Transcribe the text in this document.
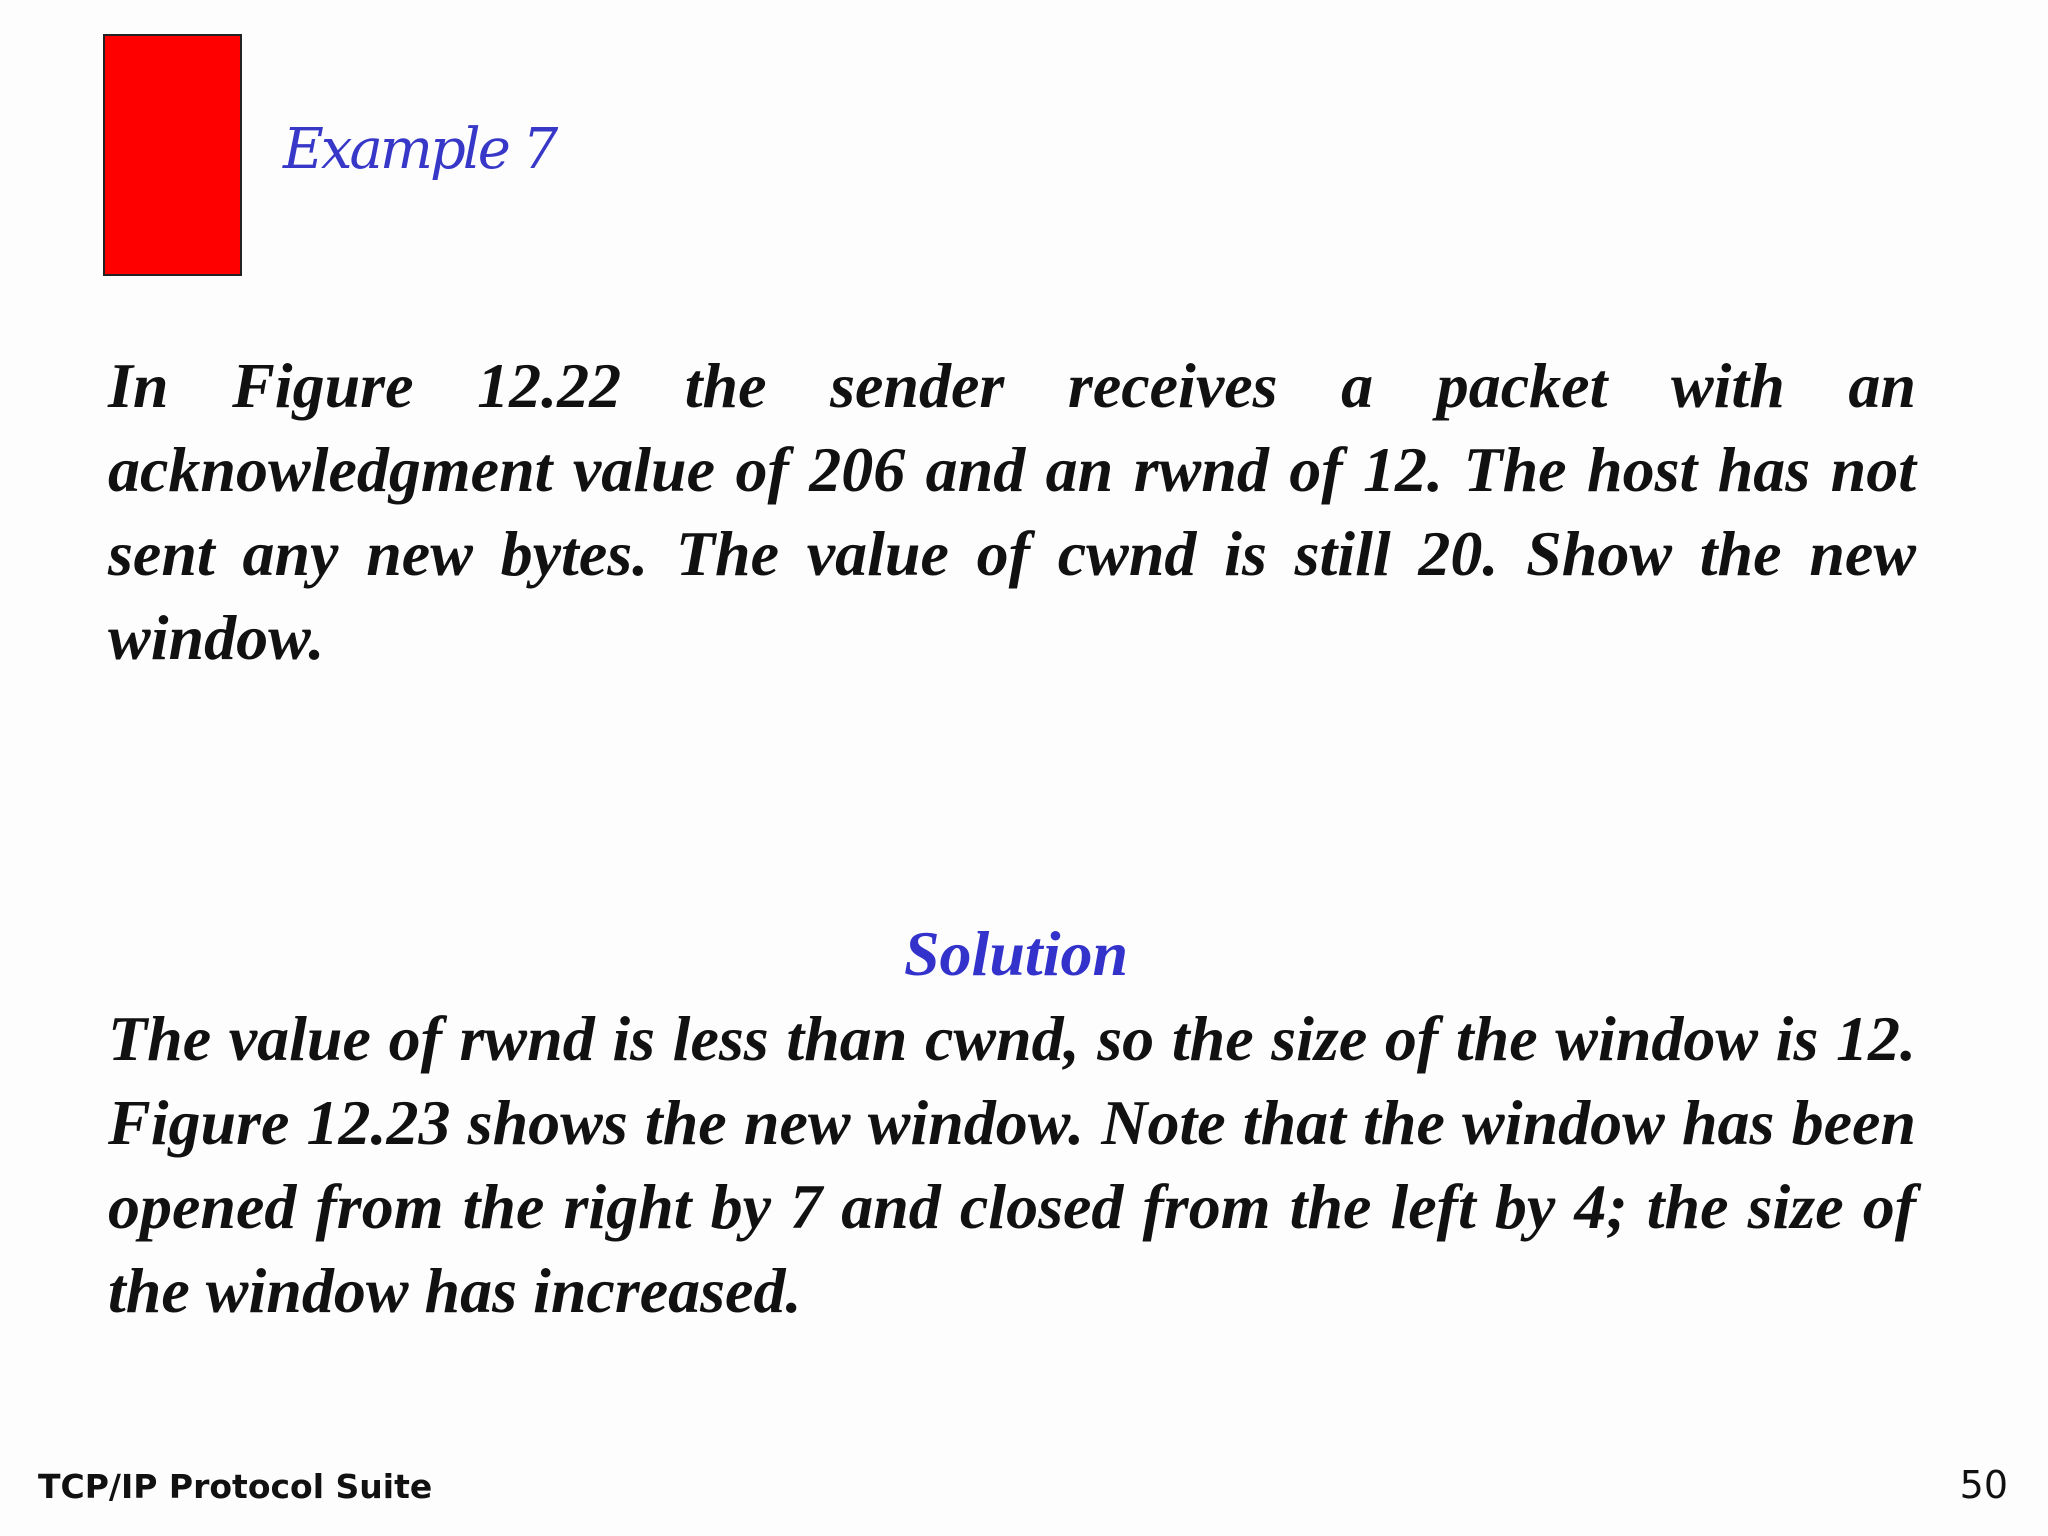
Example 7
In Figure 12.22 the sender receives a packet with an acknowledgment value of 206 and an rwnd of 12. The host has not sent any new bytes. The value of cwnd is still 20. Show the new window.
Solution
The value of rwnd is less than cwnd, so the size of the window is 12. Figure 12.23 shows the new window. Note that the window has been opened from the right by 7 and closed from the left by 4; the size of the window has increased.
TCP/IP Protocol Suite	50
